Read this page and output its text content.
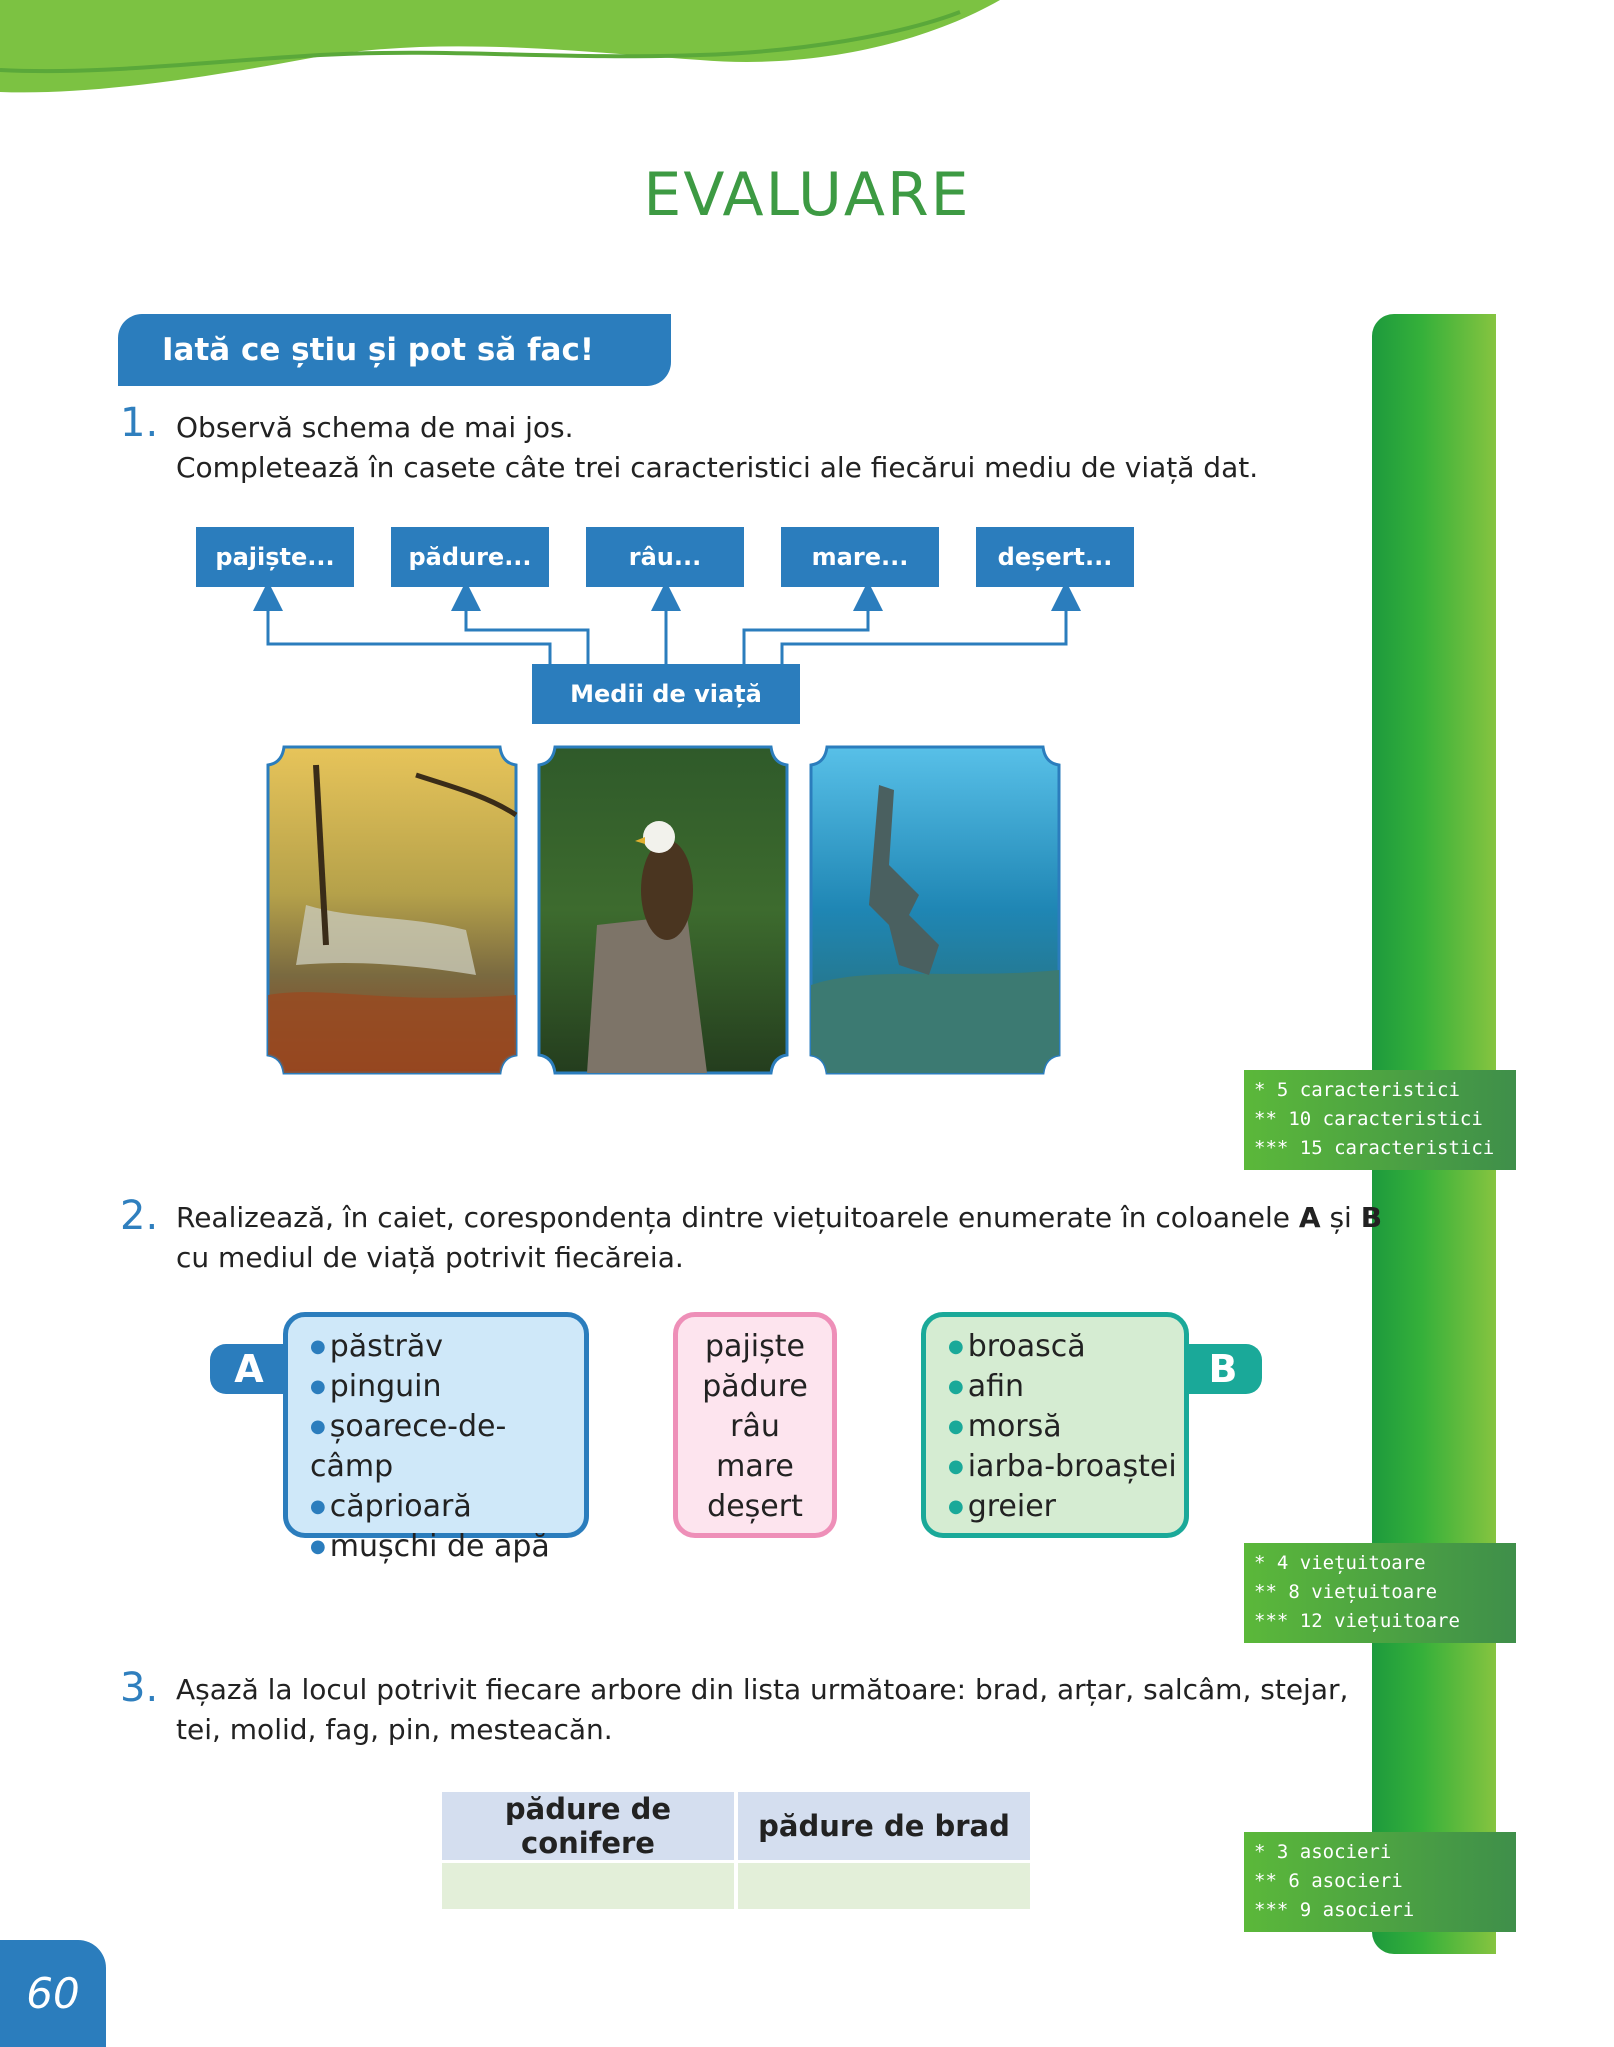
EVALUARE
Iată ce știu și pot să fac!
1. Observă schema de mai jos.
Completează în casete câte trei caracteristici ale fiecărui mediu de viață dat.
pajiște...	pădure...	râu...	mare...	deșert...
Medii de viață
* 5 caracteristici
** 10 caracteristici
*** 15 caracteristici
2. Realizează, în caiet, corespondența dintre viețuitoarele enumerate în coloanele A și B
cu mediul de viață potrivit fiecăreia.
A
● păstrăv
● pinguin
● șoarece-de-câmp
● căprioară
● mușchi de apă
pajiște
pădure
râu
mare
deșert
● broască
● afin
● morsă
● iarba-broaștei
● greier
B
* 4 viețuitoare
** 8 viețuitoare
*** 12 viețuitoare
3. Așază la locul potrivit fiecare arbore din lista următoare: brad, arțar, salcâm, stejar,
tei, molid, fag, pin, mesteacăn.
pădure de conifere	pădure de brad

* 3 asocieri
** 6 asocieri
*** 9 asocieri
60
